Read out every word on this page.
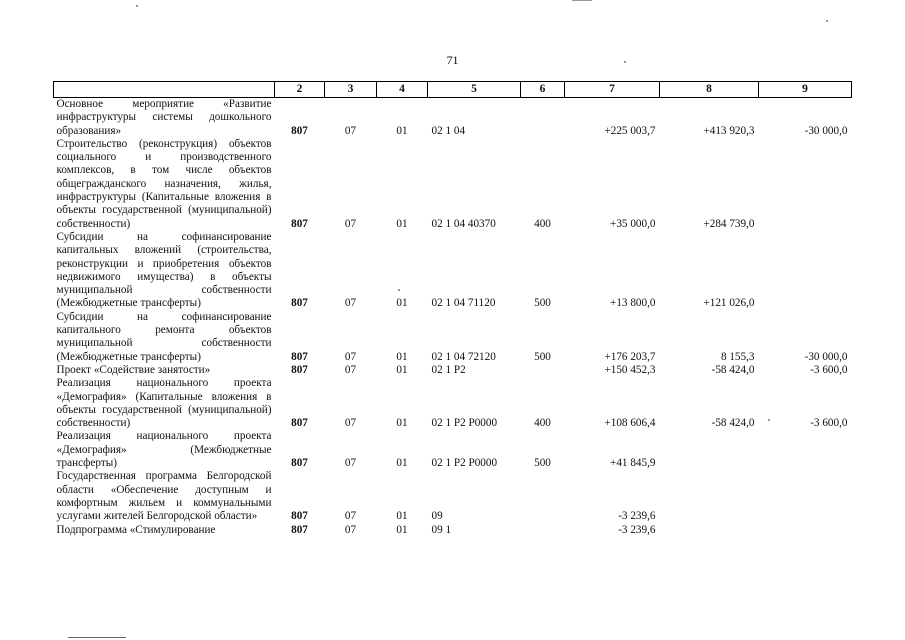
71
	2	3	4	5	6	7	8	9
Основное мероприятие «Развитие инфраструктуры системы дошкольного образования»	807	07	01	02 1 04		+225 003,7	+413 920,3	-30 000,0
Строительство (реконструкция) объектов социального и производственного комплексов, в том числе объектов общегражданского назначения, жилья, инфраструктуры (Капитальные вложения в объекты государственной (муниципальной) собственности)	807	07	01	02 1 04 40370	400	+35 000,0	+284 739,0	
Субсидии на софинансирование капитальных вложений (строительства, реконструкции и приобретения объектов недвижимого имущества) в объекты муниципальной собственности (Межбюджетные трансферты)	807	07	01	02 1 04 71120	500	+13 800,0	+121 026,0	
Субсидии на софинансирование капитального ремонта объектов муниципальной собственности (Межбюджетные трансферты)	807	07	01	02 1 04 72120	500	+176 203,7	8 155,3	-30 000,0
Проект «Содействие занятости»	807	07	01	02 1 Р2		+150 452,3	-58 424,0	-3 600,0
Реализация национального проекта «Демография» (Капитальные вложения в объекты государственной (муниципальной) собственности)	807	07	01	02 1 Р2 Р0000	400	+108 606,4	-58 424,0	-3 600,0
Реализация национального проекта «Демография» (Межбюджетные трансферты)	807	07	01	02 1 Р2 Р0000	500	+41 845,9		
Государственная программа Белгородской области «Обеспечение доступным и комфортным жильем и коммунальными услугами жителей Белгородской области»	807	07	01	09		-3 239,6		
Подпрограмма «Стимулирование	807	07	01	09 1		-3 239,6		
